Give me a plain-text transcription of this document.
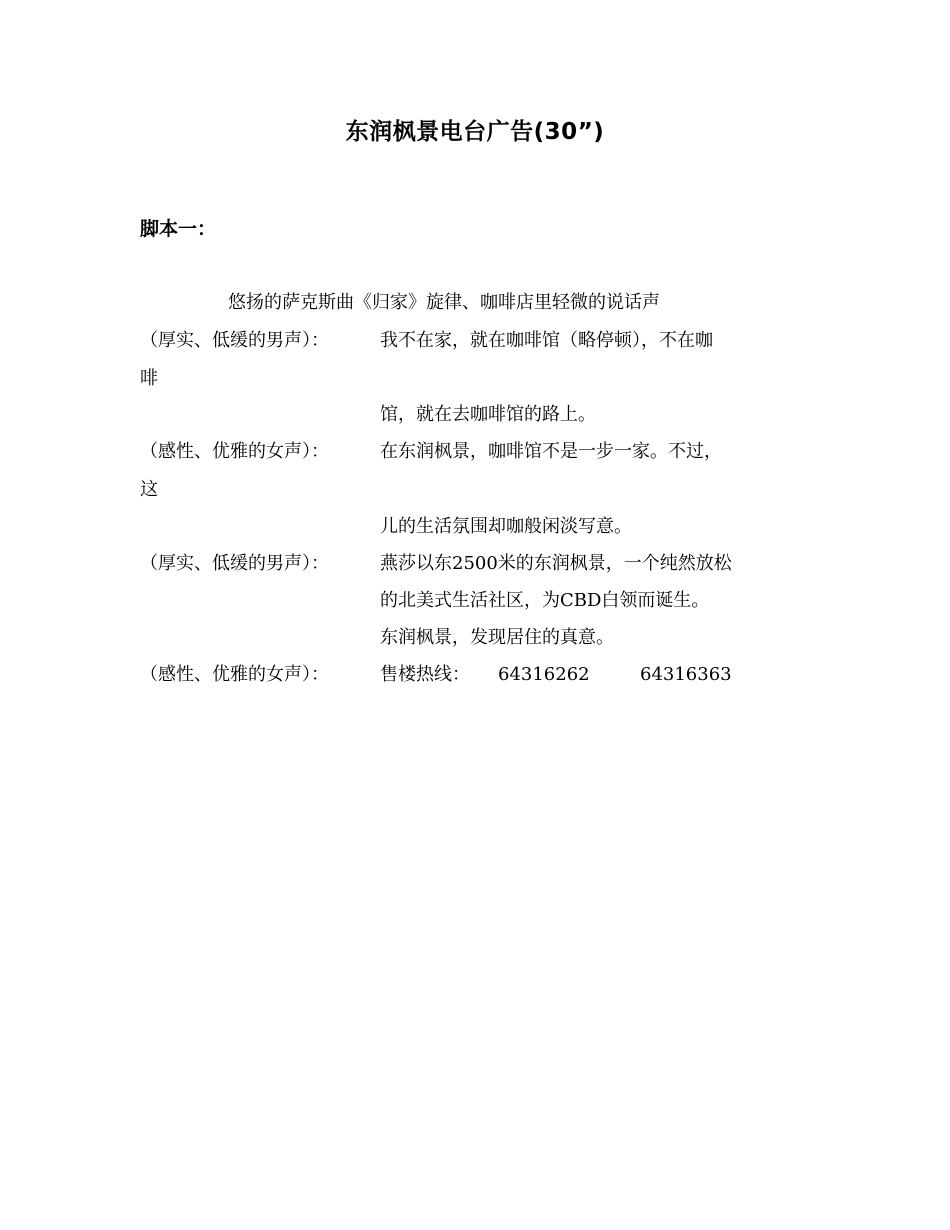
东润枫景电台广告(30”)
脚本一：
悠扬的萨克斯曲《归家》旋律、咖啡店里轻微的说话声
（厚实、低缓的男声）：	我不在家，就在咖啡馆（略停顿），不在咖
啡
馆，就在去咖啡馆的路上。
（感性、优雅的女声）：	在东润枫景，咖啡馆不是一步一家。不过，
这
儿的生活氛围却咖般闲淡写意。
（厚实、低缓的男声）：	燕莎以东2500米的东润枫景，一个纯然放松
的北美式生活社区，为CBD白领而诞生。
东润枫景，发现居住的真意。
（感性、优雅的女声）：	售楼热线： 64316262	64316363
